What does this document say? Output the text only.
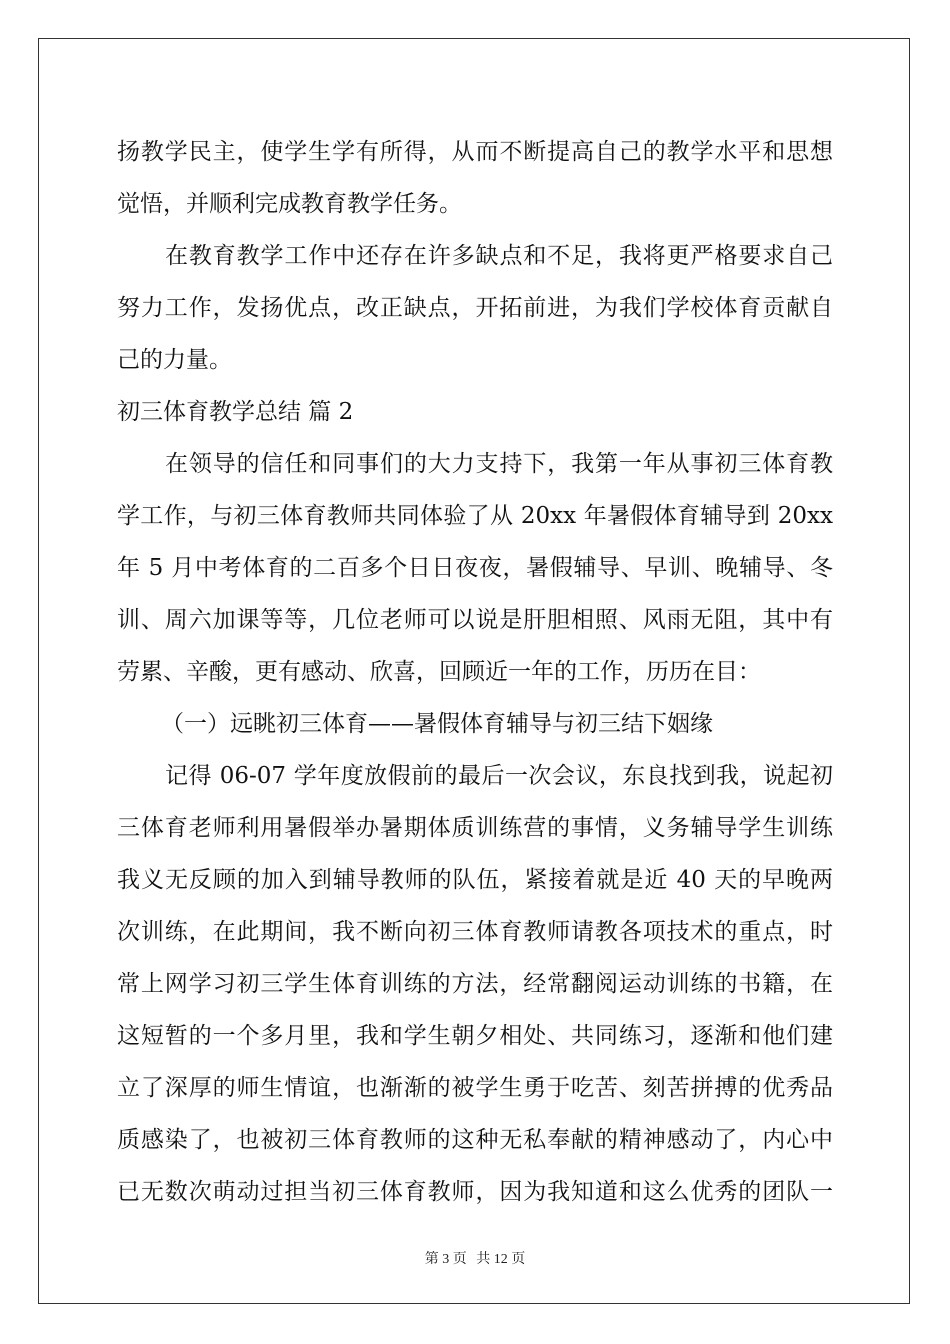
扬教学民主，使学生学有所得，从而不断提高自己的教学水平和思想
觉悟，并顺利完成教育教学任务。
在教育教学工作中还存在许多缺点和不足，我将更严格要求自己
努力工作，发扬优点，改正缺点，开拓前进，为我们学校体育贡献自
己的力量。
初三体育教学总结 篇 2
在领导的信任和同事们的大力支持下，我第一年从事初三体育教
学工作，与初三体育教师共同体验了从 20xx 年暑假体育辅导到 20xx
年 5 月中考体育的二百多个日日夜夜，暑假辅导、早训、晚辅导、冬
训、周六加课等等，几位老师可以说是肝胆相照、风雨无阻，其中有
劳累、辛酸，更有感动、欣喜，回顾近一年的工作，历历在目：
（一）远眺初三体育——暑假体育辅导与初三结下姻缘
记得 06-07 学年度放假前的最后一次会议，东良找到我，说起初
三体育老师利用暑假举办暑期体质训练营的事情，义务辅导学生训练
我义无反顾的加入到辅导教师的队伍，紧接着就是近 40 天的早晚两
次训练，在此期间，我不断向初三体育教师请教各项技术的重点，时
常上网学习初三学生体育训练的方法，经常翻阅运动训练的书籍，在
这短暂的一个多月里，我和学生朝夕相处、共同练习，逐渐和他们建
立了深厚的师生情谊，也渐渐的被学生勇于吃苦、刻苦拼搏的优秀品
质感染了，也被初三体育教师的这种无私奉献的精神感动了，内心中
已无数次萌动过担当初三体育教师，因为我知道和这么优秀的团队一
第 3 页 共 12 页
